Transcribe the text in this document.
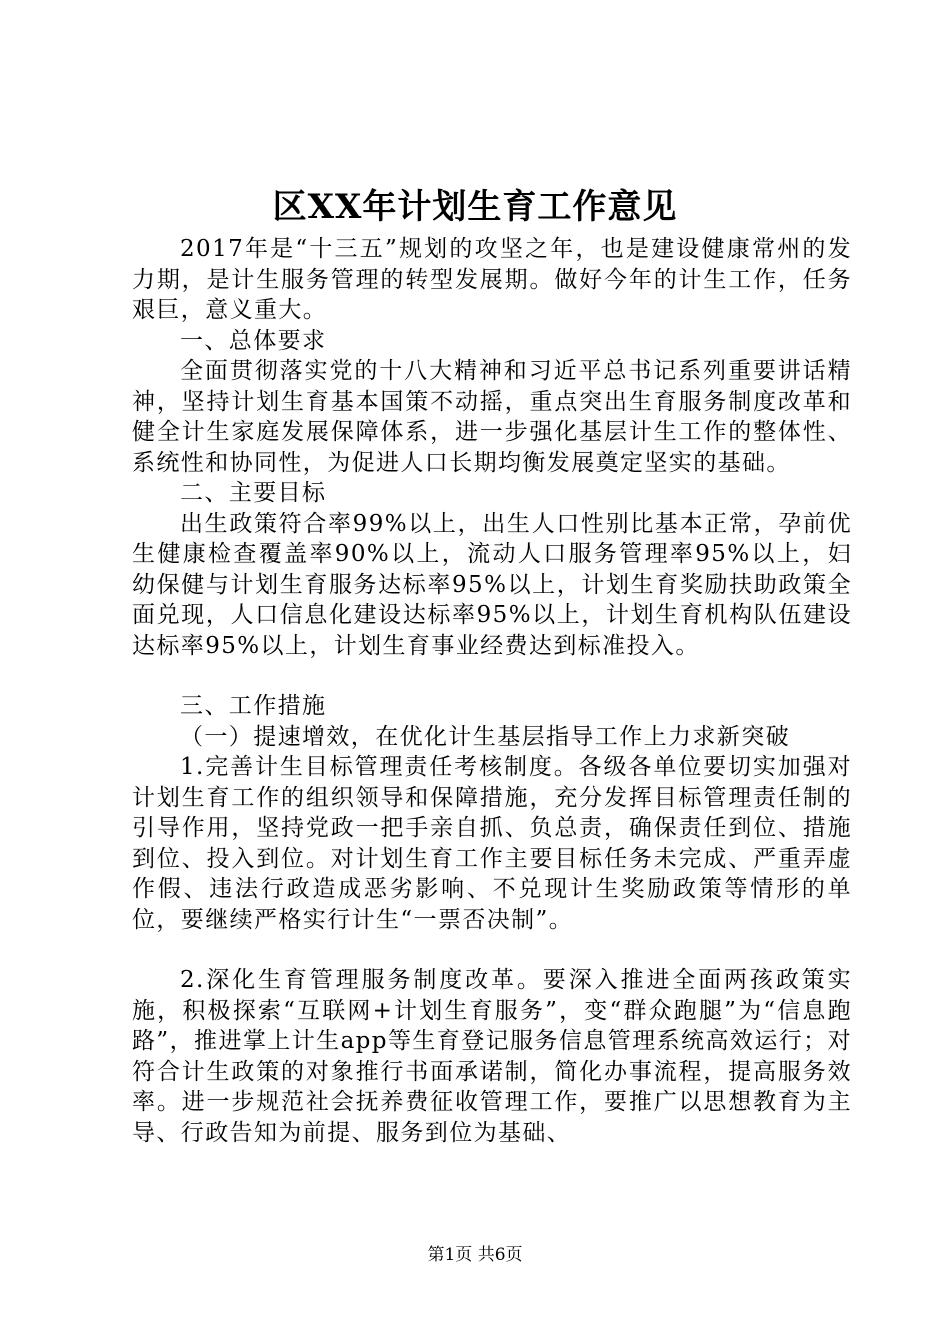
区XX年计划生育工作意见

2017年是“十三五”规划的攻坚之年，也是建设健康常州的发力期，是计生服务管理的转型发展期。做好今年的计生工作，任务艰巨，意义重大。

一、总体要求

全面贯彻落实党的十八大精神和习近平总书记系列重要讲话精神，坚持计划生育基本国策不动摇，重点突出生育服务制度改革和健全计生家庭发展保障体系，进一步强化基层计生工作的整体性、系统性和协同性，为促进人口长期均衡发展奠定坚实的基础。

二、主要目标

出生政策符合率99%以上，出生人口性别比基本正常，孕前优生健康检查覆盖率90%以上，流动人口服务管理率95%以上，妇幼保健与计划生育服务达标率95%以上，计划生育奖励扶助政策全面兑现，人口信息化建设达标率95%以上，计划生育机构队伍建设达标率95%以上，计划生育事业经费达到标准投入。

三、工作措施

（一）提速增效，在优化计生基层指导工作上力求新突破

1.完善计生目标管理责任考核制度。各级各单位要切实加强对计划生育工作的组织领导和保障措施，充分发挥目标管理责任制的引导作用，坚持党政一把手亲自抓、负总责，确保责任到位、措施到位、投入到位。对计划生育工作主要目标任务未完成、严重弄虚作假、违法行政造成恶劣影响、不兑现计生奖励政策等情形的单位，要继续严格实行计生“一票否决制”。

2.深化生育管理服务制度改革。要深入推进全面两孩政策实施，积极探索“互联网+计划生育服务”，变“群众跑腿”为“信息跑路”，推进掌上计生app等生育登记服务信息管理系统高效运行；对符合计生政策的对象推行书面承诺制，简化办事流程，提高服务效率。进一步规范社会抚养费征收管理工作，要推广以思想教育为主导、行政告知为前提、服务到位为基础、

第1页 共6页
